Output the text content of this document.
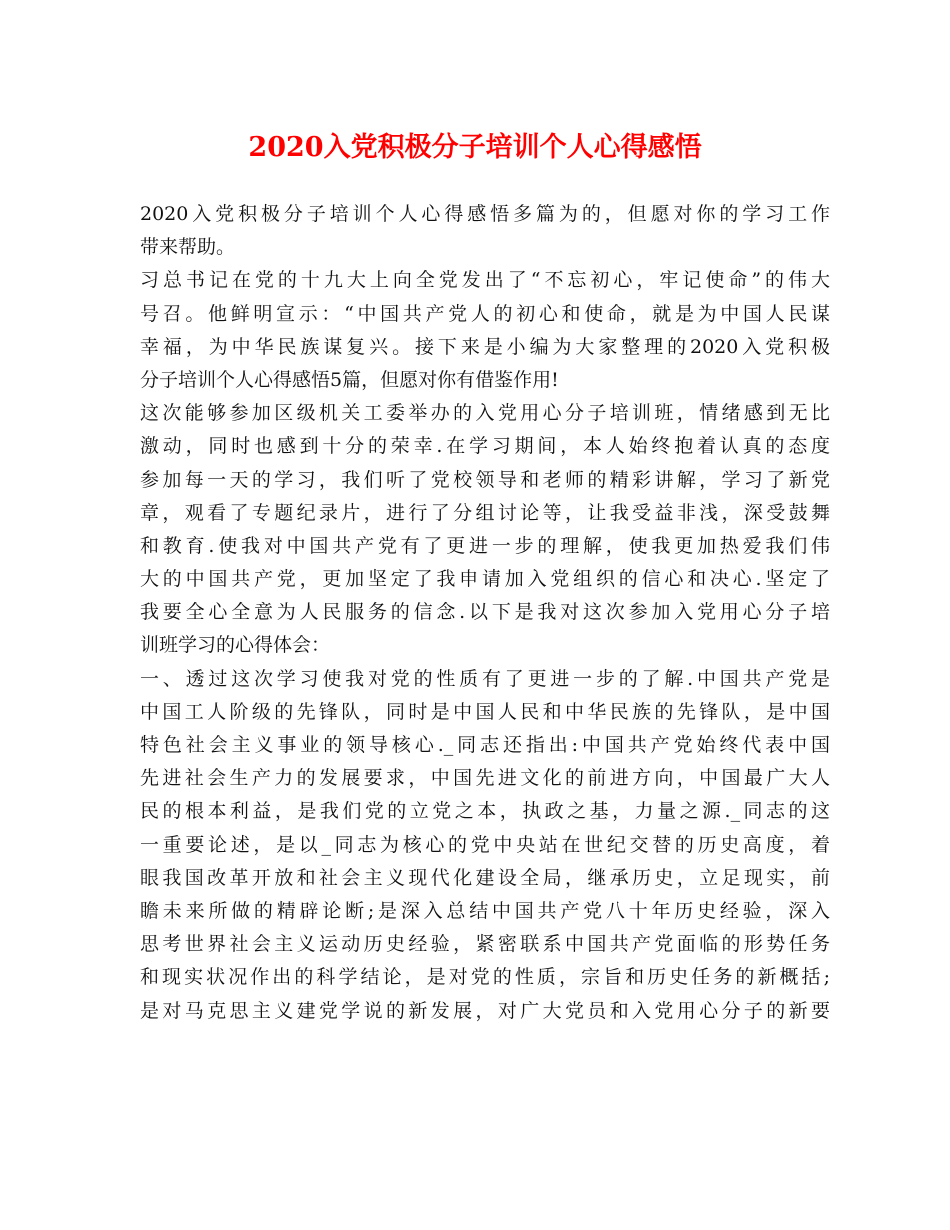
2020入党积极分子培训个人心得感悟
2020入党积极分子培训个人心得感悟多篇为的，但愿对你的学习工作
带来帮助。
习总书记在党的十九大上向全党发出了“不忘初心，牢记使命”的伟大
号召。他鲜明宣示：“中国共产党人的初心和使命，就是为中国人民谋
幸福，为中华民族谋复兴。接下来是小编为大家整理的2020入党积极
分子培训个人心得感悟5篇，但愿对你有借鉴作用!
这次能够参加区级机关工委举办的入党用心分子培训班，情绪感到无比
激动，同时也感到十分的荣幸.在学习期间，本人始终抱着认真的态度
参加每一天的学习，我们听了党校领导和老师的精彩讲解，学习了新党
章，观看了专题纪录片，进行了分组讨论等，让我受益非浅，深受鼓舞
和教育.使我对中国共产党有了更进一步的理解，使我更加热爱我们伟
大的中国共产党，更加坚定了我申请加入党组织的信心和决心.坚定了
我要全心全意为人民服务的信念.以下是我对这次参加入党用心分子培
训班学习的心得体会：
一、透过这次学习使我对党的性质有了更进一步的了解.中国共产党是
中国工人阶级的先锋队，同时是中国人民和中华民族的先锋队，是中国
特色社会主义事业的领导核心._同志还指出:中国共产党始终代表中国
先进社会生产力的发展要求，中国先进文化的前进方向，中国最广大人
民的根本利益，是我们党的立党之本，执政之基，力量之源._同志的这
一重要论述，是以_同志为核心的党中央站在世纪交替的历史高度，着
眼我国改革开放和社会主义现代化建设全局，继承历史，立足现实，前
瞻未来所做的精辟论断;是深入总结中国共产党八十年历史经验，深入
思考世界社会主义运动历史经验，紧密联系中国共产党面临的形势任务
和现实状况作出的科学结论，是对党的性质，宗旨和历史任务的新概括;
是对马克思主义建党学说的新发展，对广大党员和入党用心分子的新要
